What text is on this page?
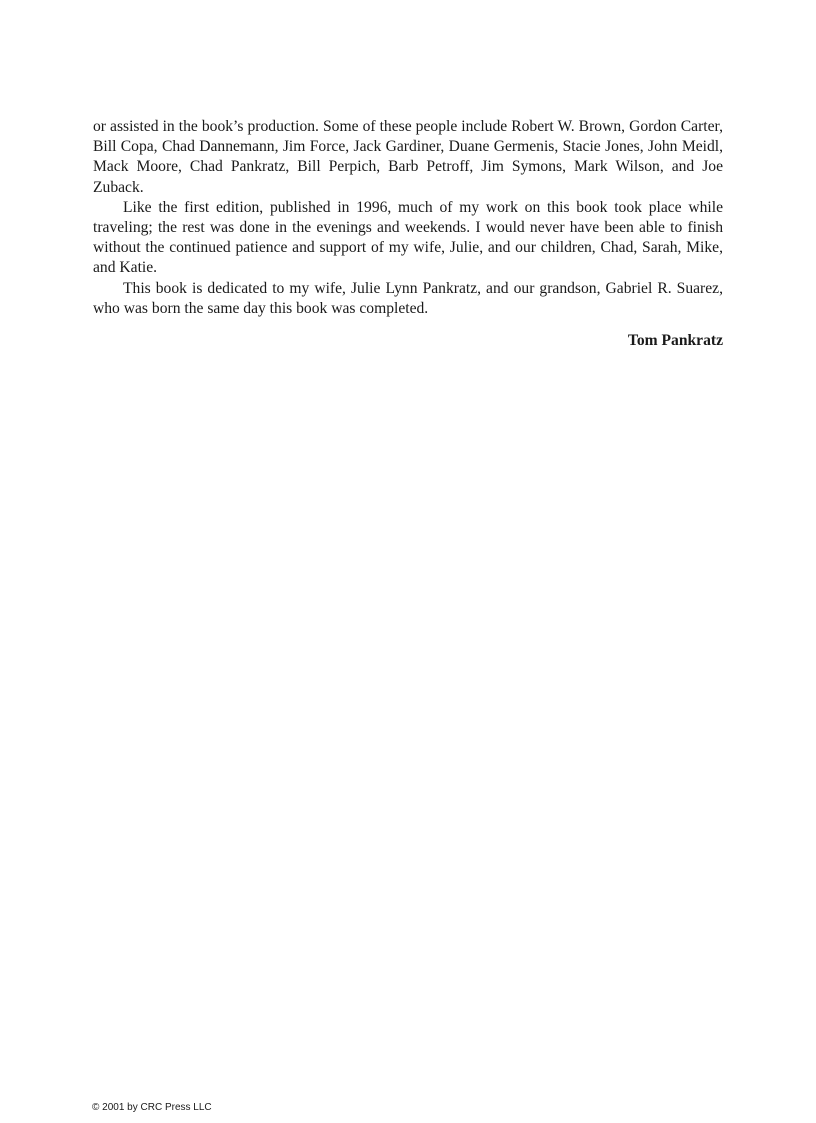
or assisted in the book’s production. Some of these people include Robert W. Brown, Gordon Carter, Bill Copa, Chad Dannemann, Jim Force, Jack Gardiner, Duane Germenis, Stacie Jones, John Meidl, Mack Moore, Chad Pankratz, Bill Perpich, Barb Petroff, Jim Symons, Mark Wilson, and Joe Zuback.

Like the first edition, published in 1996, much of my work on this book took place while traveling; the rest was done in the evenings and weekends. I would never have been able to finish without the continued patience and support of my wife, Julie, and our children, Chad, Sarah, Mike, and Katie.

This book is dedicated to my wife, Julie Lynn Pankratz, and our grandson, Gabriel R. Suarez, who was born the same day this book was completed.

Tom Pankratz
© 2001 by CRC Press LLC
